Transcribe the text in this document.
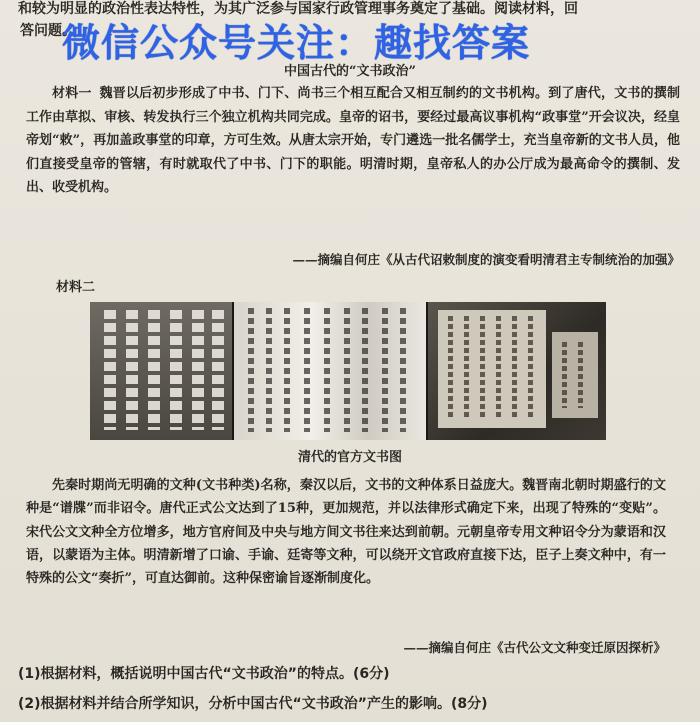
和较为明显的政治性表达特性，为其广泛参与国家行政管理事务奠定了基础。阅读材料，回
答问题。
微信公众号关注：趣找答案
中国古代的“文书政治”
材料一 魏晋以后初步形成了中书、门下、尚书三个相互配合又相互制约的文书机构。到了唐代，文书的撰制工作由草拟、审核、转发执行三个独立机构共同完成。皇帝的诏书，要经过最高议事机构“政事堂”开会议决，经皇帝划“敕”，再加盖政事堂的印章，方可生效。从唐太宗开始，专门遴选一批名儒学士，充当皇帝新的文书人员，他们直接受皇帝的管辖，有时就取代了中书、门下的职能。明清时期，皇帝私人的办公厅成为最高命令的撰制、发出、收受机构。
——摘编自何庄《从古代诏敕制度的演变看明清君主专制统治的加强》
材料二
清代的官方文书图
先秦时期尚无明确的文种(文书种类)名称，秦汉以后，文书的文种体系日益庞大。魏晋南北朝时期盛行的文种是“谱牒”而非诏令。唐代正式公文达到了15种，更加规范，并以法律形式确定下来，出现了特殊的“变贴”。宋代公文文种全方位增多，地方官府间及中央与地方间文书往来达到前朝。元朝皇帝专用文种诏令分为蒙语和汉语，以蒙语为主体。明清新增了口谕、手谕、廷寄等文种，可以绕开文官政府直接下达，臣子上奏文种中，有一特殊的公文“奏折”，可直达御前。这种保密谕旨逐渐制度化。
——摘编自何庄《古代公文文种变迁原因探析》
(1)根据材料，概括说明中国古代“文书政治”的特点。(6分)
(2)根据材料并结合所学知识，分析中国古代“文书政治”产生的影响。(8分)
